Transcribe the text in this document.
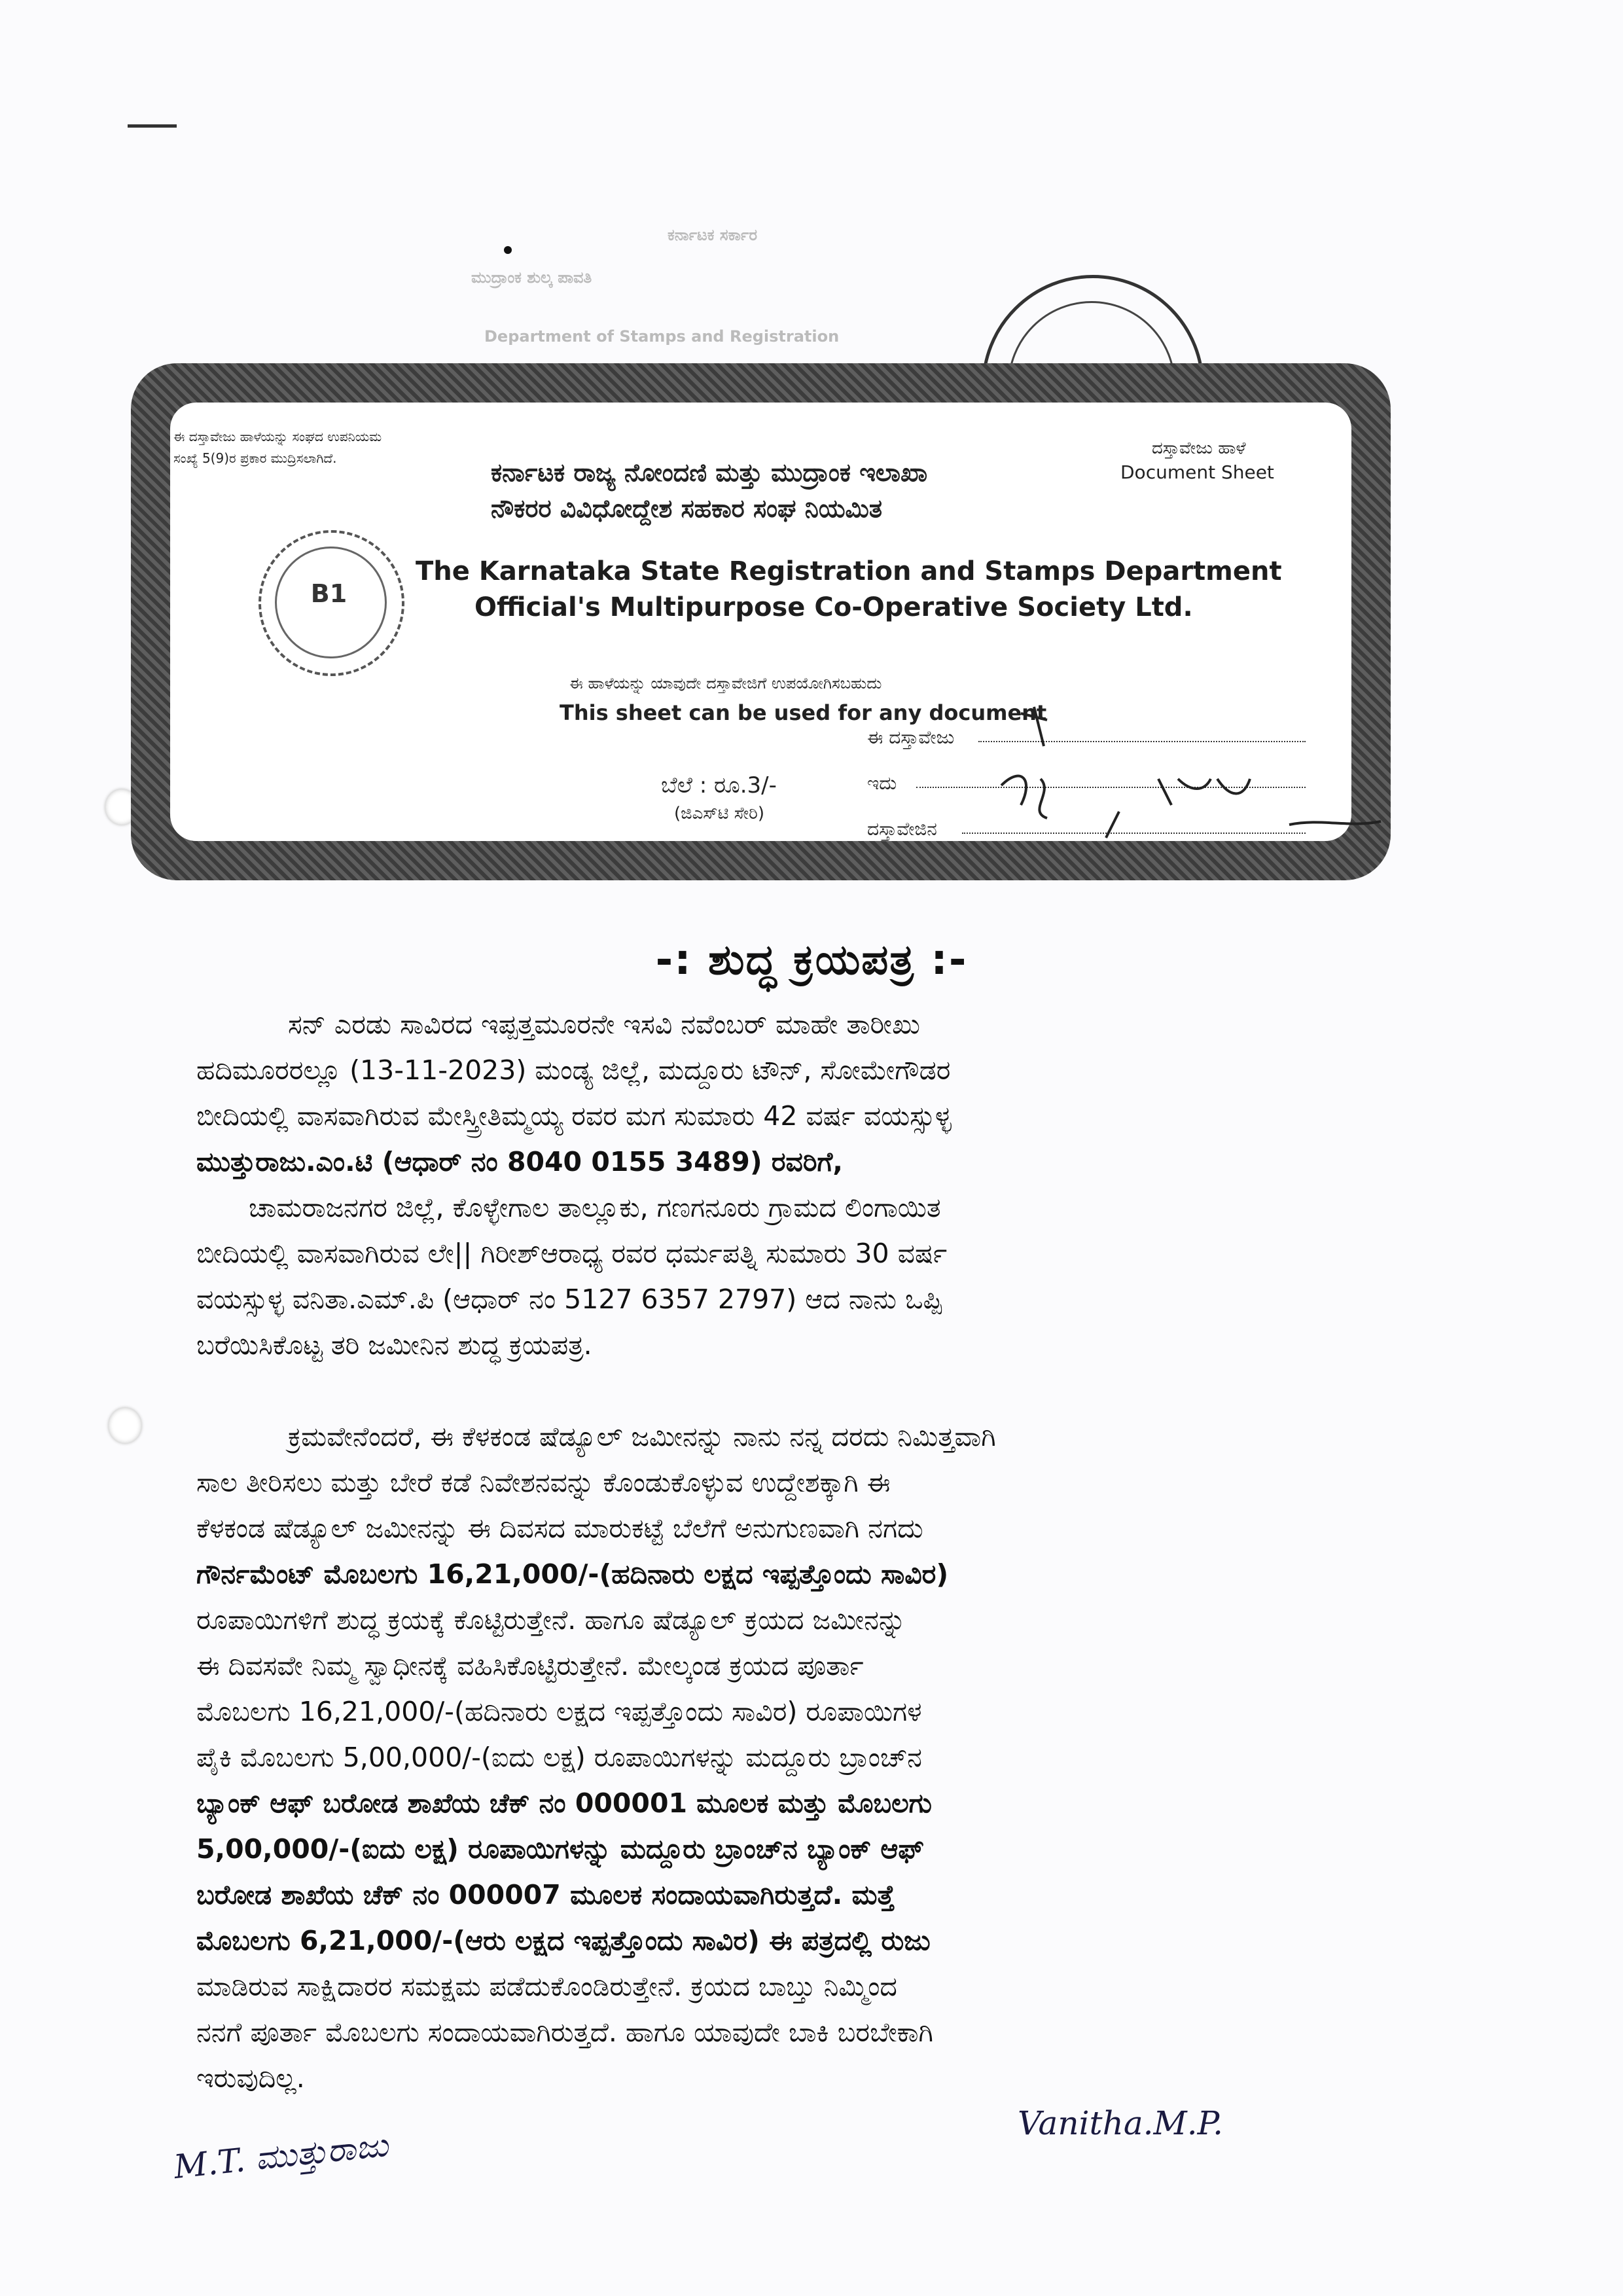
ಕರ್ನಾಟಕ ಸರ್ಕಾರ
ಮುದ್ರಾಂಕ ಶುಲ್ಕ ಪಾವತಿ
Department of Stamps and Registration
ಈ ದಸ್ತಾವೇಜು ಹಾಳೆಯನ್ನು ಸಂಘದ ಉಪನಿಯಮ
ಸಂಖ್ಯೆ 5(9)ರ ಪ್ರಕಾರ ಮುದ್ರಿಸಲಾಗಿದೆ.	ದಸ್ತಾವೇಜು ಹಾಳೆ
Document Sheet
ಕರ್ನಾಟಕ ರಾಜ್ಯ ನೋಂದಣಿ ಮತ್ತು ಮುದ್ರಾಂಕ ಇಲಾಖಾ
ನೌಕರರ ವಿವಿಧೋದ್ದೇಶ ಸಹಕಾರ ಸಂಘ ನಿಯಮಿತ
The Karnataka State Registration and Stamps Department
Official's Multipurpose Co-Operative Society Ltd.
B1
ಈ ಹಾಳೆಯನ್ನು ಯಾವುದೇ ದಸ್ತಾವೇಜಿಗೆ ಉಪಯೋಗಿಸಬಹುದು
This sheet can be used for any document
ಬೆಲೆ : ರೂ.3/-
(ಜಿಎಸ್‌ಟಿ ಸೇರಿ)
ಈ ದಸ್ತಾವೇಜು
ಇದು
ದಸ್ತಾವೇಜಿನ
-: ಶುದ್ಧ ಕ್ರಯಪತ್ರ :-
ಸನ್ ಎರಡು ಸಾವಿರದ ಇಪ್ಪತ್ತಮೂರನೇ ಇಸವಿ ನವೆಂಬರ್ ಮಾಹೇ ತಾರೀಖು
ಹದಿಮೂರರಲ್ಲೂ (13-11-2023) ಮಂಡ್ಯ ಜಿಲ್ಲೆ, ಮದ್ದೂರು ಟೌನ್, ಸೋಮೇಗೌಡರ
ಬೀದಿಯಲ್ಲಿ ವಾಸವಾಗಿರುವ ಮೇಸ್ತ್ರೀತಿಮ್ಮಯ್ಯ ರವರ ಮಗ ಸುಮಾರು 42 ವರ್ಷ ವಯಸ್ಸುಳ್ಳ
ಮುತ್ತುರಾಜು.ಎಂ.ಟಿ (ಆಧಾರ್ ನಂ 8040 0155 3489) ರವರಿಗೆ,
ಚಾಮರಾಜನಗರ ಜಿಲ್ಲೆ, ಕೊಳ್ಳೇಗಾಲ ತಾಲ್ಲೂಕು, ಗಣಗನೂರು ಗ್ರಾಮದ ಲಿಂಗಾಯಿತ
ಬೀದಿಯಲ್ಲಿ ವಾಸವಾಗಿರುವ ಲೇ|| ಗಿರೀಶ್ಆರಾಧ್ಯ ರವರ ಧರ್ಮಪತ್ನಿ ಸುಮಾರು 30 ವರ್ಷ
ವಯಸ್ಸುಳ್ಳ ವನಿತಾ.ಎಮ್.ಪಿ (ಆಧಾರ್ ನಂ 5127 6357 2797) ಆದ ನಾನು ಒಪ್ಪಿ
ಬರೆಯಿಸಿಕೊಟ್ಟ ತರಿ ಜಮೀನಿನ ಶುದ್ಧ ಕ್ರಯಪತ್ರ.
ಕ್ರಮವೇನೆಂದರೆ, ಈ ಕೆಳಕಂಡ ಷೆಡ್ಯೂಲ್ ಜಮೀನನ್ನು ನಾನು ನನ್ನ ದರದು ನಿಮಿತ್ತವಾಗಿ
ಸಾಲ ತೀರಿಸಲು ಮತ್ತು ಬೇರೆ ಕಡೆ ನಿವೇಶನವನ್ನು ಕೊಂಡುಕೊಳ್ಳುವ ಉದ್ದೇಶಕ್ಕಾಗಿ ಈ
ಕೆಳಕಂಡ ಷೆಡ್ಯೂಲ್ ಜಮೀನನ್ನು ಈ ದಿವಸದ ಮಾರುಕಟ್ಟೆ ಬೆಲೆಗೆ ಅನುಗುಣವಾಗಿ ನಗದು
ಗೌರ್ನಮೆಂಟ್ ಮೊಬಲಗು 16,21,000/-(ಹದಿನಾರು ಲಕ್ಷದ ಇಪ್ಪತ್ತೊಂದು ಸಾವಿರ)
ರೂಪಾಯಿಗಳಿಗೆ ಶುದ್ಧ ಕ್ರಯಕ್ಕೆ ಕೊಟ್ಟಿರುತ್ತೇನೆ. ಹಾಗೂ ಷೆಡ್ಯೂಲ್ ಕ್ರಯದ ಜಮೀನನ್ನು
ಈ ದಿವಸವೇ ನಿಮ್ಮ ಸ್ವಾಧೀನಕ್ಕೆ ವಹಿಸಿಕೊಟ್ಟಿರುತ್ತೇನೆ. ಮೇಲ್ಕಂಡ ಕ್ರಯದ ಪೂರ್ತಾ
ಮೊಬಲಗು 16,21,000/-(ಹದಿನಾರು ಲಕ್ಷದ ಇಪ್ಪತ್ತೊಂದು ಸಾವಿರ) ರೂಪಾಯಿಗಳ
ಪೈಕಿ ಮೊಬಲಗು 5,00,000/-(ಐದು ಲಕ್ಷ) ರೂಪಾಯಿಗಳನ್ನು ಮದ್ದೂರು ಬ್ರಾಂಚ್‌ನ
ಬ್ಯಾಂಕ್ ಆಫ್ ಬರೋಡ ಶಾಖೆಯ ಚೆಕ್ ನಂ 000001 ಮೂಲಕ ಮತ್ತು ಮೊಬಲಗು
5,00,000/-(ಐದು ಲಕ್ಷ) ರೂಪಾಯಿಗಳನ್ನು ಮದ್ದೂರು ಬ್ರಾಂಚ್‌ನ ಬ್ಯಾಂಕ್ ಆಫ್
ಬರೋಡ ಶಾಖೆಯ ಚೆಕ್ ನಂ 000007 ಮೂಲಕ ಸಂದಾಯವಾಗಿರುತ್ತದೆ. ಮತ್ತೆ
ಮೊಬಲಗು 6,21,000/-(ಆರು ಲಕ್ಷದ ಇಪ್ಪತ್ತೊಂದು ಸಾವಿರ) ಈ ಪತ್ರದಲ್ಲಿ ರುಜು
ಮಾಡಿರುವ ಸಾಕ್ಷಿದಾರರ ಸಮಕ್ಷಮ ಪಡೆದುಕೊಂಡಿರುತ್ತೇನೆ. ಕ್ರಯದ ಬಾಬ್ತು ನಿಮ್ಮಿಂದ
ನನಗೆ ಪೂರ್ತಾ ಮೊಬಲಗು ಸಂದಾಯವಾಗಿರುತ್ತದೆ. ಹಾಗೂ ಯಾವುದೇ ಬಾಕಿ ಬರಬೇಕಾಗಿ
ಇರುವುದಿಲ್ಲ.
M.T. ಮುತ್ತುರಾಜು
Vanitha.M.P.
